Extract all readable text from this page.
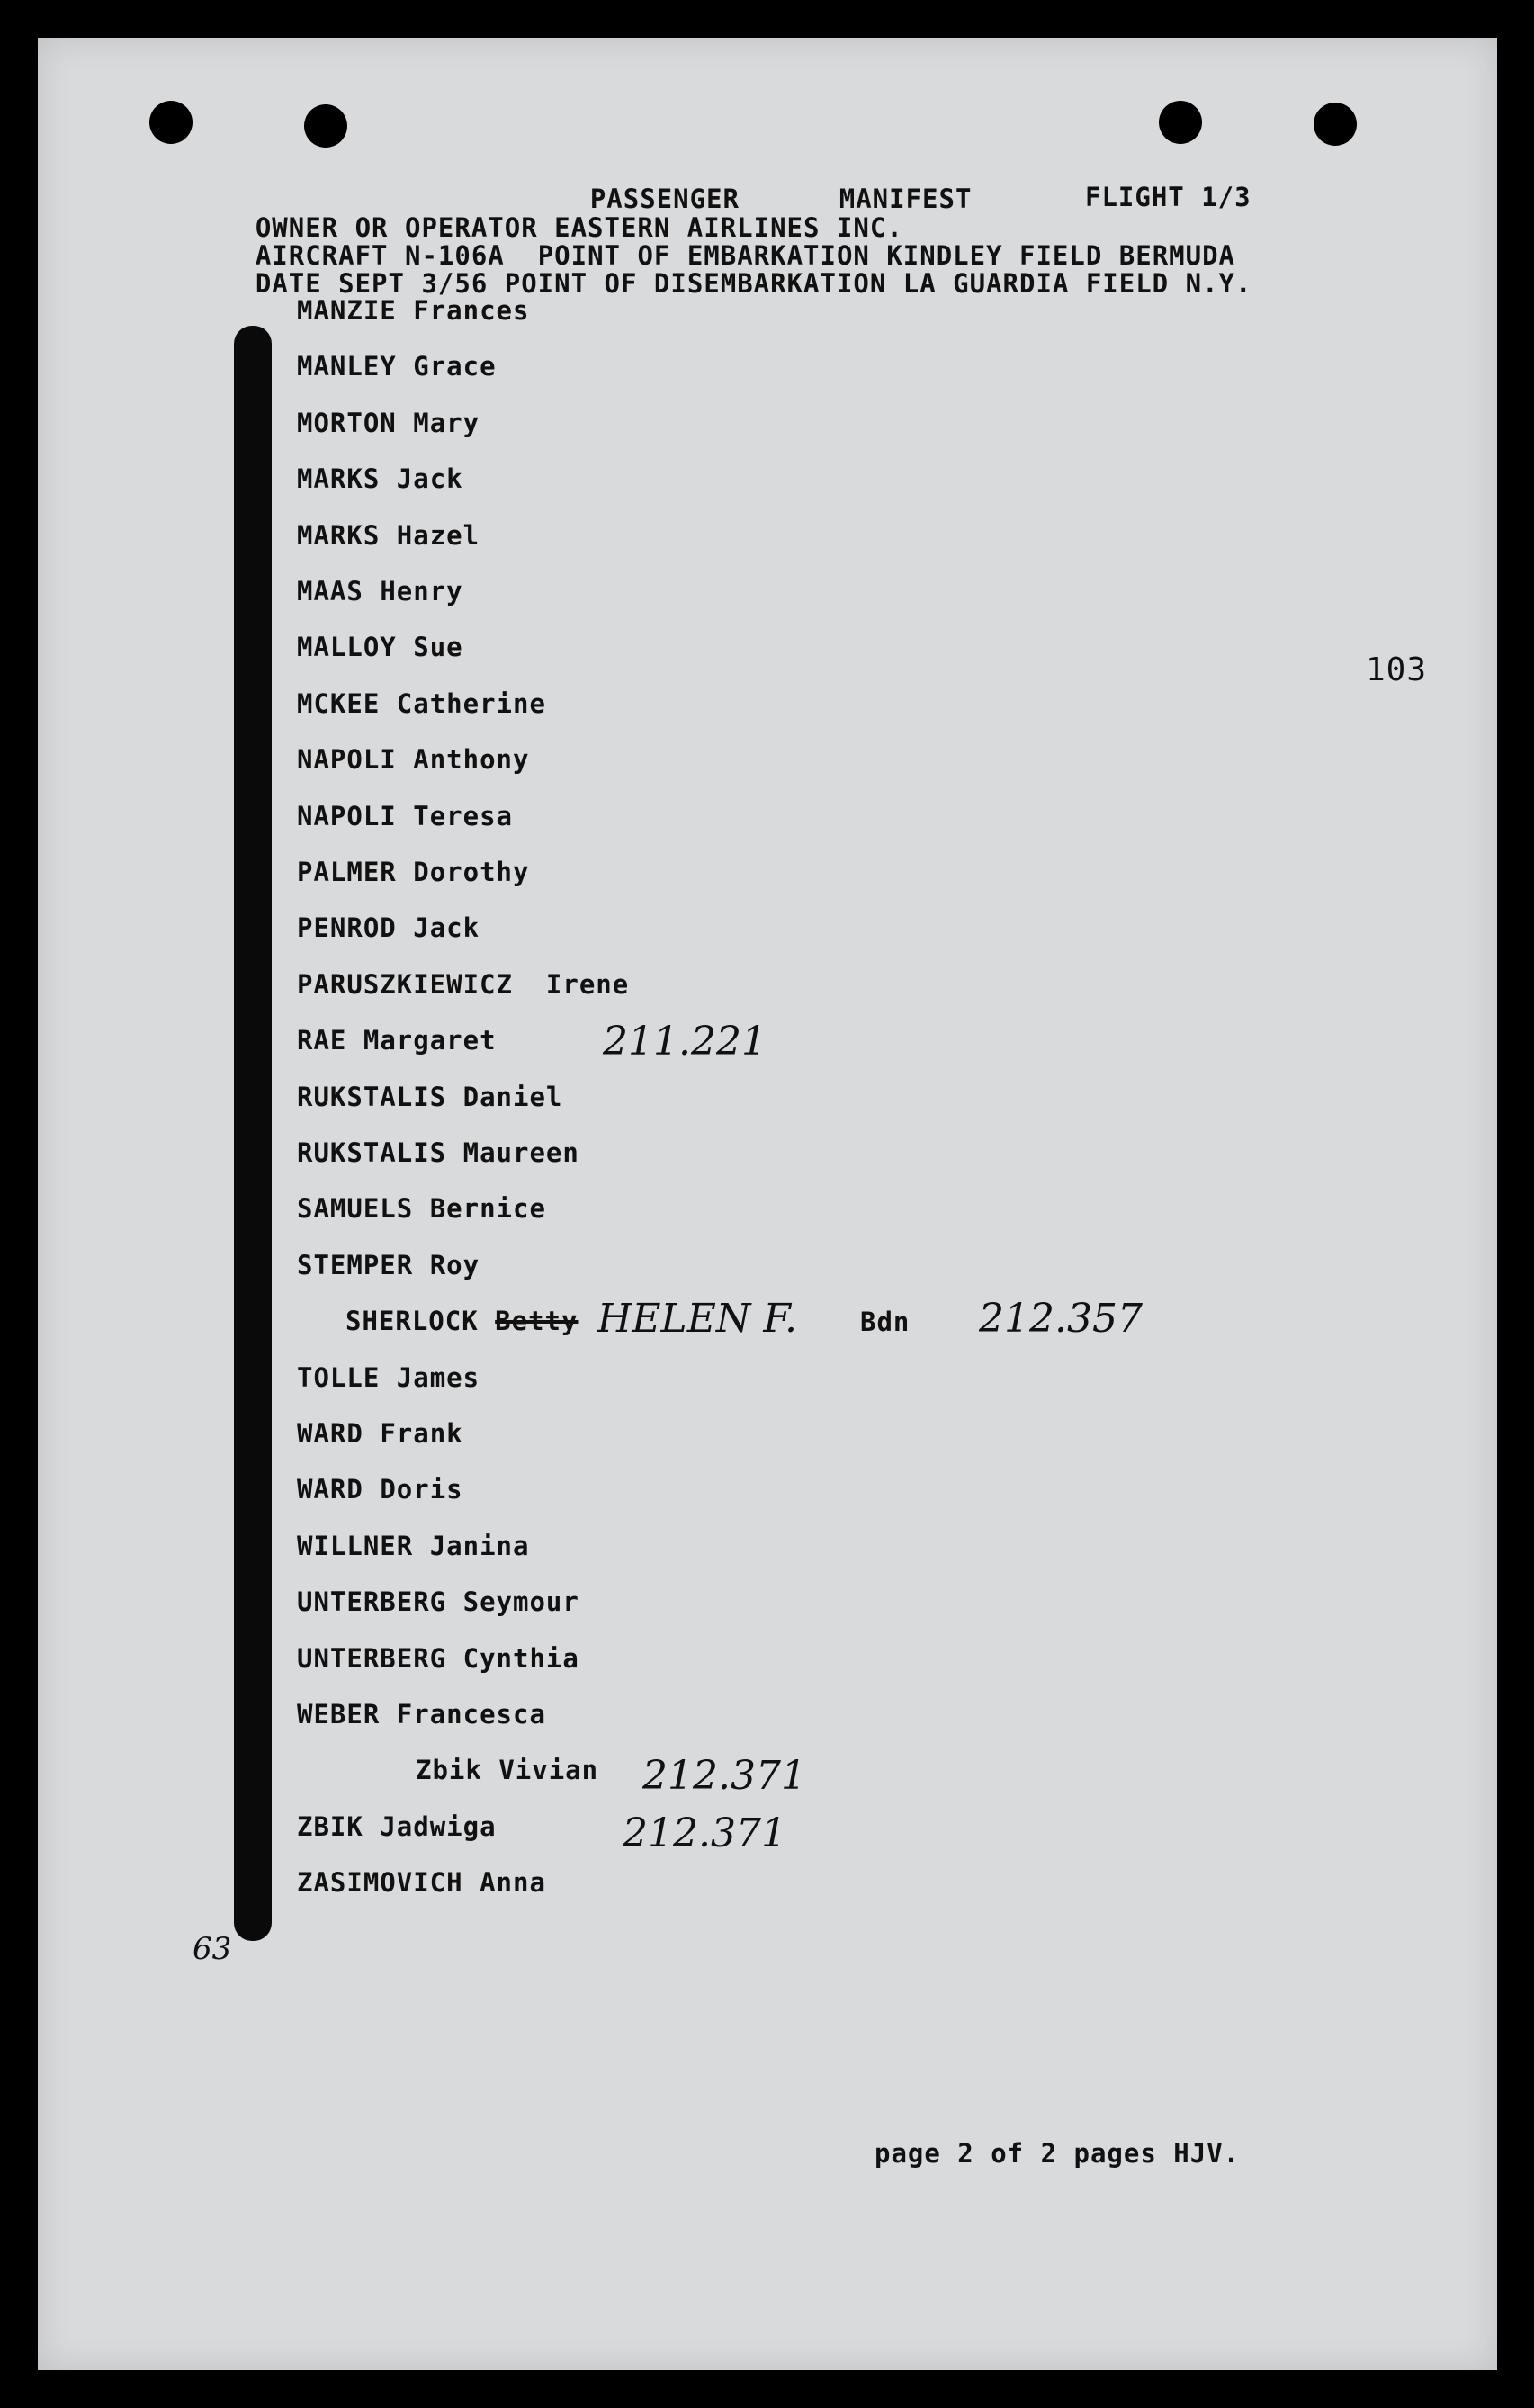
PASSENGER	MANIFEST

OWNER OR OPERATOR EASTERN AIRLINES INC.

FLIGHT 1/3

AIRCRAFT N-106A POINT OF EMBARKATION KINDLEY FIELD BERMUDA

DATE SEPT 3/56 POINT OF DISEMBARKATION LA GUARDIA FIELD N.Y.

103
MANZIE Frances
MANLEY Grace
MORTON Mary
MARKS Jack
MARKS Hazel
MAAS Henry
MALLOY Sue
MCKEE Catherine
NAPOLI Anthony
NAPOLI Teresa
PALMER Dorothy
PENROD Jack
PARUSZKIEWICZ Irene
RAE Margaret
RUKSTALIS Daniel
RUKSTALIS Maureen
SAMUELS Bernice
STEMPER Roy
SHERLOCK Betty
TOLLE James
WARD Frank
WARD Doris
WILLNER Janina
UNTERBERG Seymour
UNTERBERG Cynthia
WEBER Francesca
Zbik Vivian
ZBIK Jadwiga
ZASIMOVICH Anna
211.221
HELEN F. Bdn 212.357
212.371
212.371
63
page 2 of 2 pages HJV.
